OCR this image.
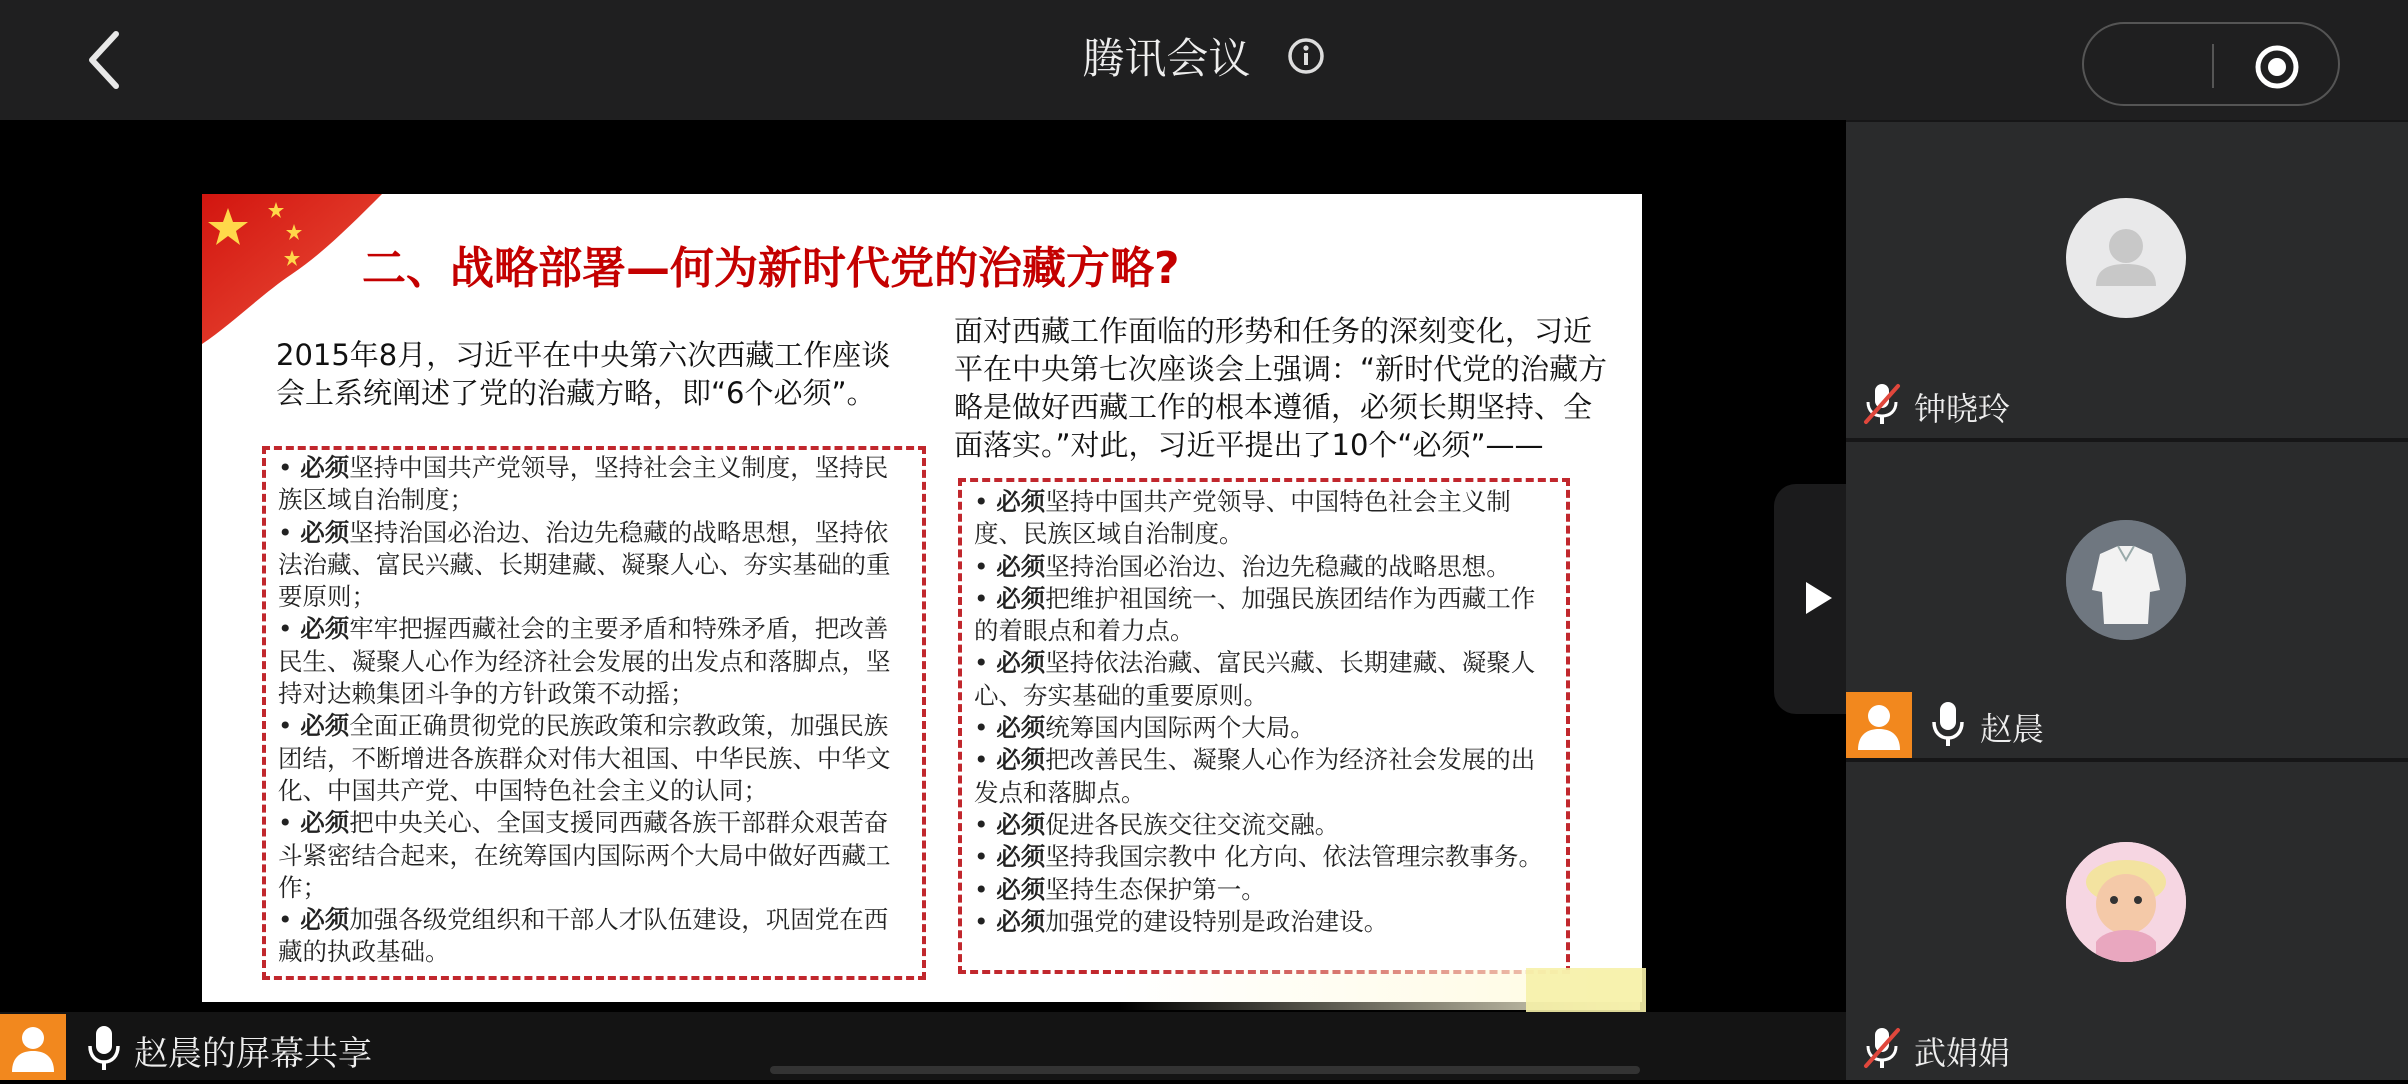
腾讯会议
二、战略部署—何为新时代党的治藏方略?
2015年8月，习近平在中央第六次西藏工作座谈会上系统阐述了党的治藏方略，即“6个必须”。
面对西藏工作面临的形势和任务的深刻变化，习近平在中央第七次座谈会上强调：“新时代党的治藏方略是做好西藏工作的根本遵循，必须长期坚持、全面落实。”对此，习近平提出了10个“必须”——

• 必须坚持中国共产党领导，坚持社会主义制度，坚持民族区域自治制度；

• 必须坚持治国必治边、治边先稳藏的战略思想，坚持依法治藏、富民兴藏、长期建藏、凝聚人心、夯实基础的重要原则；

• 必须牢牢把握西藏社会的主要矛盾和特殊矛盾，把改善民生、凝聚人心作为经济社会发展的出发点和落脚点，坚持对达赖集团斗争的方针政策不动摇；

• 必须全面正确贯彻党的民族政策和宗教政策，加强民族团结，不断增进各族群众对伟大祖国、中华民族、中华文化、中国共产党、中国特色社会主义的认同；

• 必须把中央关心、全国支援同西藏各族干部群众艰苦奋斗紧密结合起来，在统筹国内国际两个大局中做好西藏工作；

• 必须加强各级党组织和干部人才队伍建设，巩固党在西藏的执政基础。

• 必须坚持中国共产党领导、中国特色社会主义制度、民族区域自治制度。

• 必须坚持治国必治边、治边先稳藏的战略思想。

• 必须把维护祖国统一、加强民族团结作为西藏工作的着眼点和着力点。

• 必须坚持依法治藏、富民兴藏、长期建藏、凝聚人心、夯实基础的重要原则。

• 必须统筹国内国际两个大局。

• 必须把改善民生、凝聚人心作为经济社会发展的出发点和落脚点。

• 必须促进各民族交往交流交融。

• 必须坚持我国宗教中 化方向、依法管理宗教事务。

• 必须坚持生态保护第一。

• 必须加强党的建设特别是政治建设。

赵晨的屏幕共享
钟晓玲
赵晨
武娟娟
